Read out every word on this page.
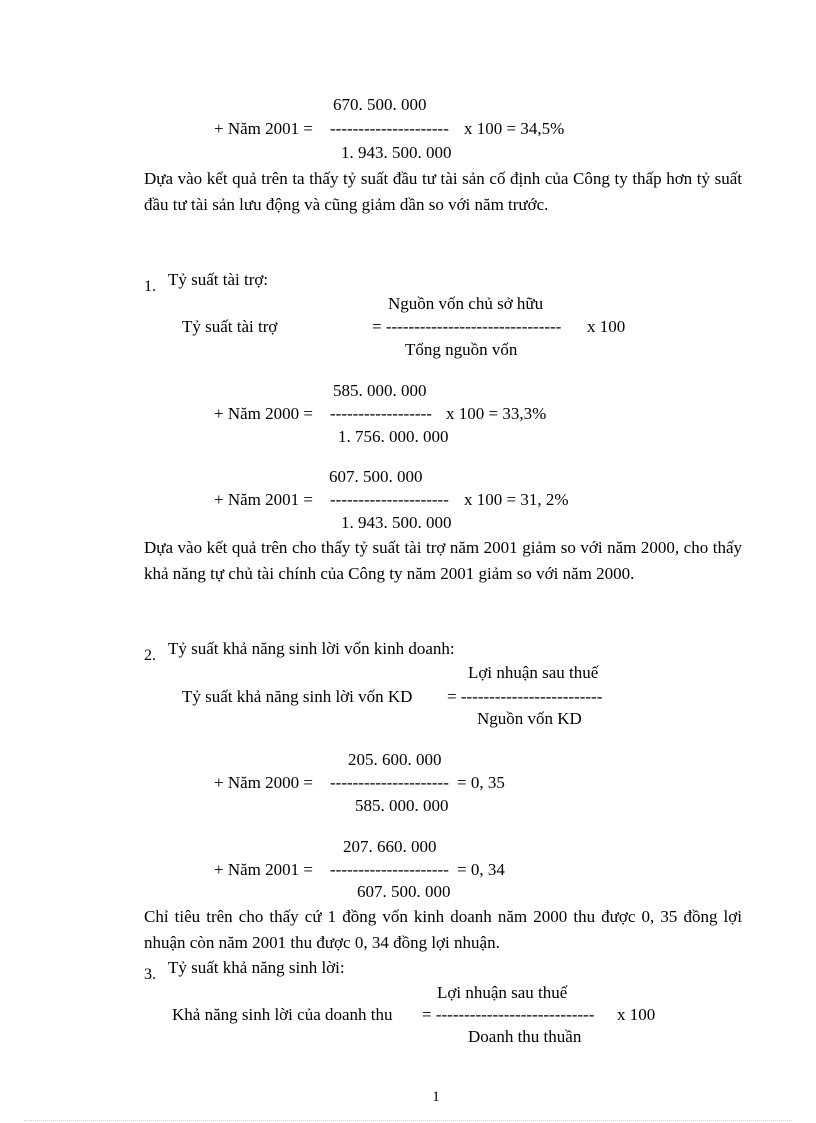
670. 500. 000
+ Năm 2001 = --------------------- x 100 = 34,5%
1. 943. 500. 000
Dựa vào kết quả trên ta thấy tỷ suất đầu tư tài sản cố định của Công ty thấp hơn tỷ suất đầu tư tài sản lưu động và cũng giảm dần so với năm trước.
1. Tỷ suất tài trợ:
Nguồn vốn chủ sở hữu
Tỷ suất tài trợ	= ------------------------------- x 100
Tổng nguồn vốn
585. 000. 000
+ Năm 2000 = ------------------ x 100 = 33,3%
1. 756. 000. 000
607. 500. 000
+ Năm 2001 = --------------------- x 100 = 31, 2%
1. 943. 500. 000
Dựa vào kết quả trên cho thấy tỷ suất tài trợ năm 2001 giảm so với năm 2000, cho thấy khả năng tự chủ tài chính của Công ty năm 2001 giảm so với năm 2000.
2. Tỷ suất khả năng sinh lời vốn kinh doanh:
Lợi nhuận sau thuế
Tỷ suất khả năng sinh lời vốn KD = -------------------------
Nguồn vốn KD
205. 600. 000
+ Năm 2000 = --------------------- = 0, 35
585. 000. 000
207. 660. 000
+ Năm 2001 = --------------------- = 0, 34
607. 500. 000
Chỉ tiêu trên cho thấy cứ 1 đồng vốn kinh doanh năm 2000 thu được 0, 35 đồng lợi nhuận còn năm 2001 thu được 0, 34 đồng lợi nhuận.
3. Tỷ suất khả năng sinh lời:
Lợi nhuận sau thuế
Khả năng sinh lời của doanh thu = ---------------------------- x 100
Doanh thu thuần
1
